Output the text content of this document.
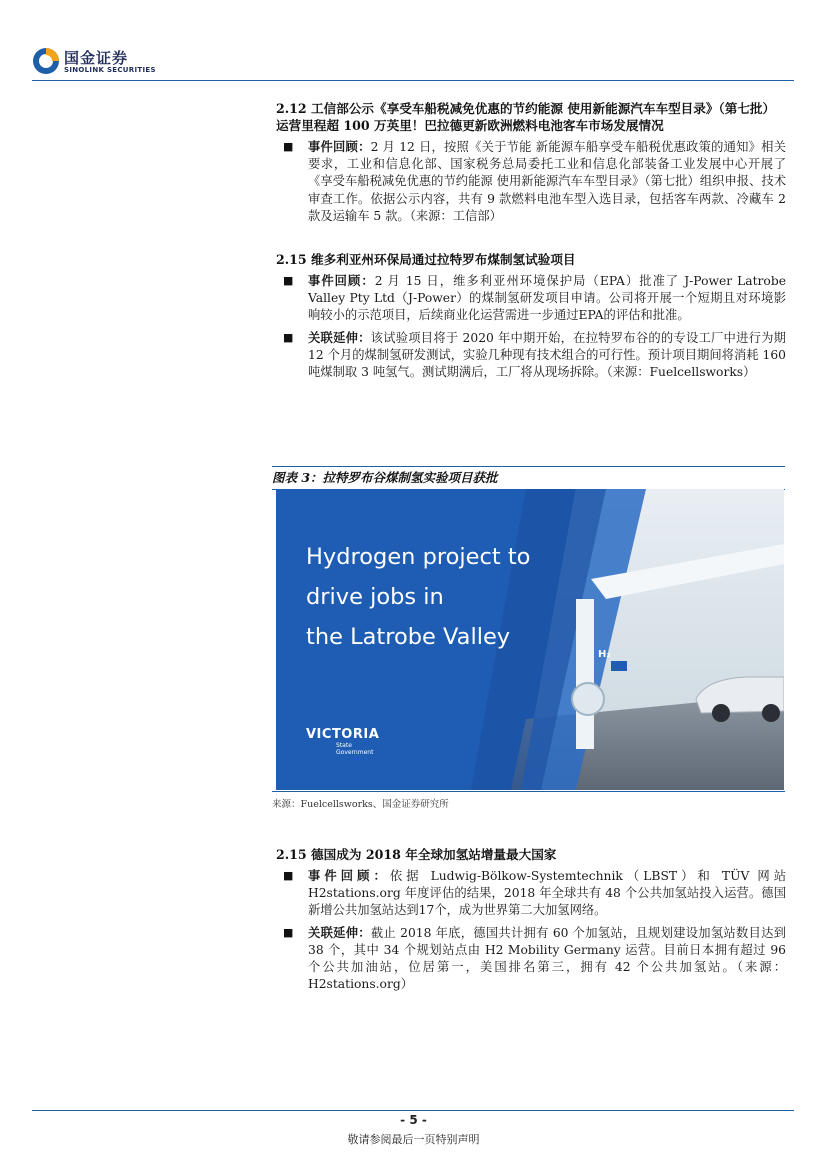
国金证券
SINOLINK SECURITIES
2.12 工信部公示《享受车船税减免优惠的节约能源 使用新能源汽车车型目录》（第七批）运营里程超 100 万英里！巴拉德更新欧洲燃料电池客车市场发展情况
■ 事件回顾：2 月 12 日，按照《关于节能 新能源车船享受车船税优惠政策的通知》相关要求，工业和信息化部、国家税务总局委托工业和信息化部装备工业发展中心开展了《享受车船税减免优惠的节约能源 使用新能源汽车车型目录》（第七批）组织申报、技术审查工作。依据公示内容，共有 9 款燃料电池车型入选目录，包括客车两款、冷藏车 2 款及运输车 5 款。（来源：工信部）
2.15 维多利亚州环保局通过拉特罗布煤制氢试验项目
■ 事件回顾：2 月 15 日，维多利亚州环境保护局（EPA）批准了 J-Power Latrobe Valley Pty Ltd（J-Power）的煤制氢研发项目申请。公司将开展一个短期且对环境影响较小的示范项目，后续商业化运营需进一步通过EPA的评估和批准。
■ 关联延伸：该试验项目将于 2020 年中期开始，在拉特罗布谷的的专设工厂中进行为期 12 个月的煤制氢研发测试，实验几种现有技术组合的可行性。预计项目期间将消耗 160 吨煤制取 3 吨氢气。测试期满后，工厂将从现场拆除。（来源：Fuelcellsworks）
图表 3：拉特罗布谷煤制氢实验项目获批
Hydrogen project to
drive jobs in
the Latrobe Valley
H₂
VICTORIA
State
Government
来源：Fuelcellsworks、国金证券研究所
2.15 德国成为 2018 年全球加氢站增量最大国家
■ 事件回顾：依据 Ludwig-Bölkow-Systemtechnik（LBST）和 TÜV 网站 H2stations.org 年度评估的结果，2018 年全球共有 48 个公共加氢站投入运营。德国新增公共加氢站达到17个，成为世界第二大加氢网络。
■ 关联延伸：截止 2018 年底，德国共计拥有 60 个加氢站，且规划建设加氢站数目达到 38 个，其中 34 个规划站点由 H2 Mobility Germany 运营。目前日本拥有超过 96 个公共加油站，位居第一，美国排名第三，拥有 42 个公共加氢站。（来源：H2stations.org）
- 5 -
敬请参阅最后一页特别声明
